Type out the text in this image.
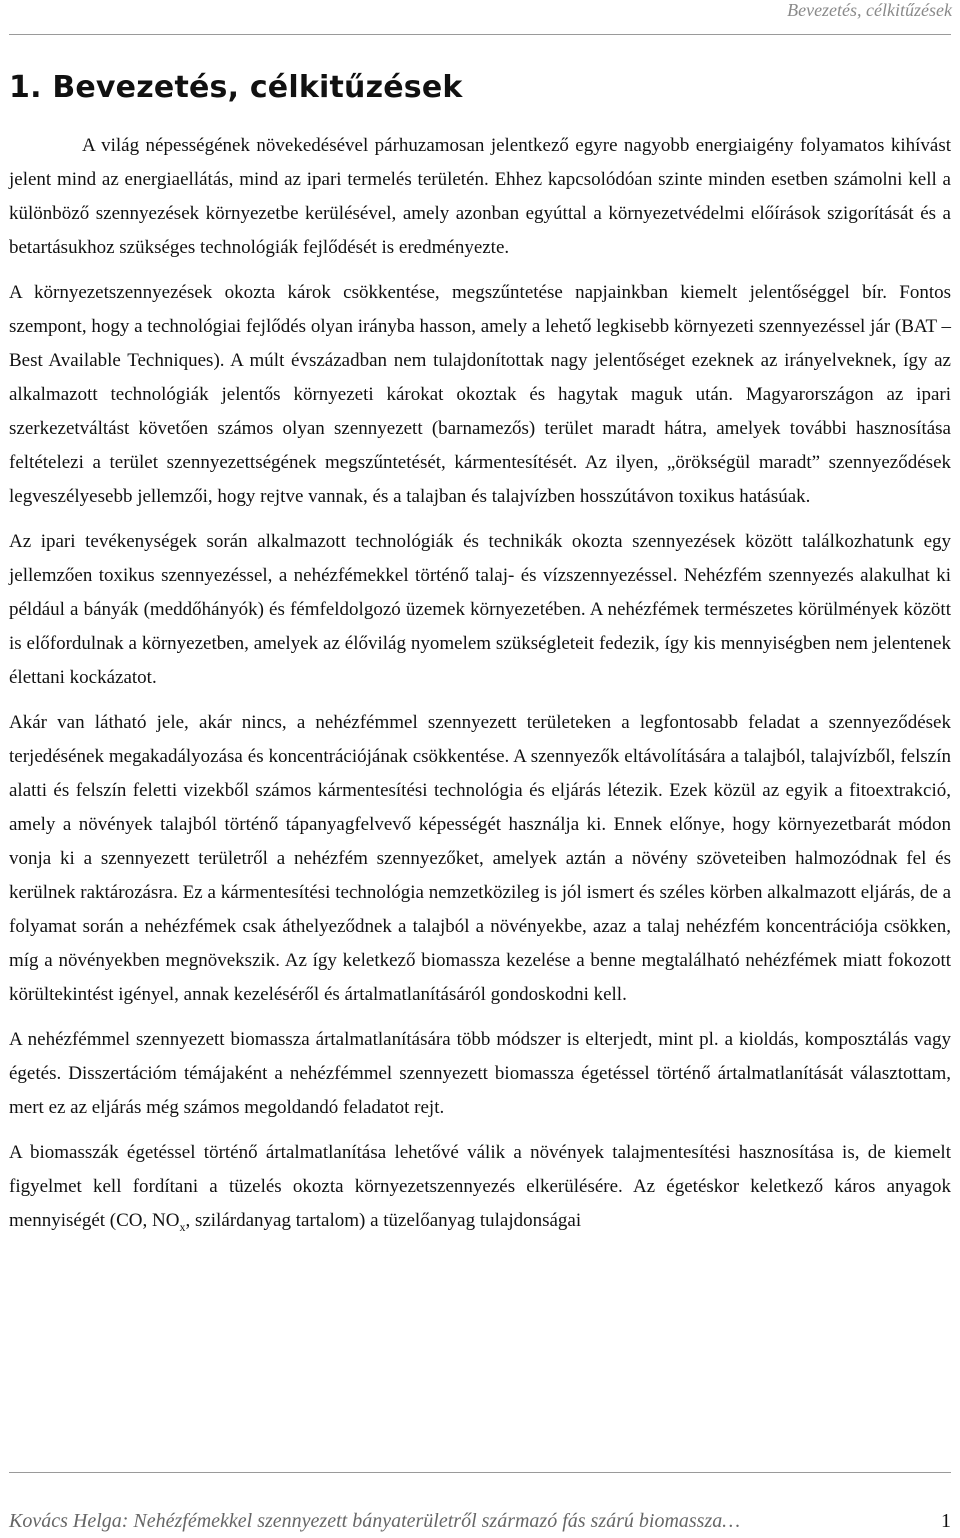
Bevezetés, célkitűzések
1. Bevezetés, célkitűzések

A világ népességének növekedésével párhuzamosan jelentkező egyre nagyobb energiaigény folyamatos kihívást jelent mind az energiaellátás, mind az ipari termelés területén. Ehhez kapcsolódóan szinte minden esetben számolni kell a különböző szennyezések környezetbe kerülésével, amely azonban egyúttal a környezetvédelmi előírások szigorítását és a betartásukhoz szükséges technológiák fejlődését is eredményezte.

A környezetszennyezések okozta károk csökkentése, megszűntetése napjainkban kiemelt jelentőséggel bír. Fontos szempont, hogy a technológiai fejlődés olyan irányba hasson, amely a lehető legkisebb környezeti szennyezéssel jár (BAT – Best Available Techniques). A múlt évszázadban nem tulajdonítottak nagy jelentőséget ezeknek az irányelveknek, így az alkalmazott technológiák jelentős környezeti károkat okoztak és hagytak maguk után. Magyarországon az ipari szerkezetváltást követően számos olyan szennyezett (barnamezős) terület maradt hátra, amelyek további hasznosítása feltételezi a terület szennyezettségének megszűntetését, kármentesítését. Az ilyen, „örökségül maradt” szennyeződések legveszélyesebb jellemzői, hogy rejtve vannak, és a talajban és talajvízben hosszútávon toxikus hatásúak.

Az ipari tevékenységek során alkalmazott technológiák és technikák okozta szennyezések között találkozhatunk egy jellemzően toxikus szennyezéssel, a nehézfémekkel történő talaj- és vízszennyezéssel. Nehézfém szennyezés alakulhat ki például a bányák (meddőhányók) és fémfeldolgozó üzemek környezetében. A nehézfémek természetes körülmények között is előfordulnak a környezetben, amelyek az élővilág nyomelem szükségleteit fedezik, így kis mennyiségben nem jelentenek élettani kockázatot.

Akár van látható jele, akár nincs, a nehézfémmel szennyezett területeken a legfontosabb feladat a szennyeződések terjedésének megakadályozása és koncentrációjának csökkentése. A szennyezők eltávolítására a talajból, talajvízből, felszín alatti és felszín feletti vizekből számos kármentesítési technológia és eljárás létezik. Ezek közül az egyik a fitoextrakció, amely a növények talajból történő tápanyagfelvevő képességét használja ki. Ennek előnye, hogy környezetbarát módon vonja ki a szennyezett területről a nehézfém szennyezőket, amelyek aztán a növény szöveteiben halmozódnak fel és kerülnek raktározásra. Ez a kármentesítési technológia nemzetközileg is jól ismert és széles körben alkalmazott eljárás, de a folyamat során a nehézfémek csak áthelyeződnek a talajból a növényekbe, azaz a talaj nehézfém koncentrációja csökken, míg a növényekben megnövekszik. Az így keletkező biomassza kezelése a benne megtalálható nehézfémek miatt fokozott körültekintést igényel, annak kezeléséről és ártalmatlanításáról gondoskodni kell.

A nehézfémmel szennyezett biomassza ártalmatlanítására több módszer is elterjedt, mint pl. a kioldás, komposztálás vagy égetés. Disszertációm témájaként a nehézfémmel szennyezett biomassza égetéssel történő ártalmatlanítását választottam, mert ez az eljárás még számos megoldandó feladatot rejt.

A biomasszák égetéssel történő ártalmatlanítása lehetővé válik a növények talajmentesítési hasznosítása is, de kiemelt figyelmet kell fordítani a tüzelés okozta környezetszennyezés elkerülésére. Az égetéskor keletkező káros anyagok mennyiségét (CO, $NO_x$, szilárdanyag tartalom) a tüzelőanyag tulajdonságai

Kovács Helga: Nehézfémekkel szennyezett bányaterületről származó fás szárú biomassza…	1
